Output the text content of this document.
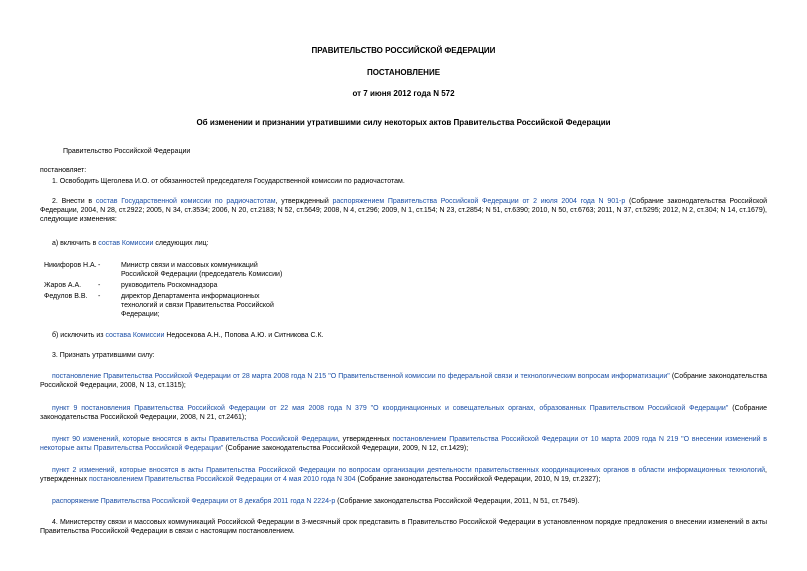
ПРАВИТЕЛЬСТВО РОССИЙСКОЙ ФЕДЕРАЦИИ
ПОСТАНОВЛЕНИЕ
от 7 июня 2012 года N 572
Об изменении и признании утратившими силу некоторых актов Правительства Российской Федерации

Правительство Российской Федерации

постановляет:

1. Освободить Щеголева И.О. от обязанностей председателя Государственной комиссии по радиочастотам.

2. Внести в состав Государственной комиссии по радиочастотам, утвержденный распоряжением Правительства Российской Федерации от 2 июля 2004 года N 901-р (Собрание законодательства Российской Федерации, 2004, N 28, ст.2922; 2005, N 34, ст.3534; 2006, N 20, ст.2183; N 52, ст.5649; 2008, N 4, ст.296; 2009, N 1, ст.154; N 23, ст.2854; N 51, ст.6390; 2010, N 50, ст.6763; 2011, N 37, ст.5295; 2012, N 2, ст.304; N 14, ст.1679), следующие изменения:

а) включить в состав Комиссии следующих лиц:

Никифоров Н.А. -	Министр связи и массовых коммуникаций Российской Федерации (председатель Комиссии)
Жаров А.А. -	руководитель Роскомнадзора
Федулов В.В. -	директор Департамента информационных технологий и связи Правительства Российской Федерации;

б) исключить из состава Комиссии Недосекова А.Н., Попова А.Ю. и Ситникова С.К.

3. Признать утратившими силу:

постановление Правительства Российской Федерации от 28 марта 2008 года N 215 "О Правительственной комиссии по федеральной связи и технологическим вопросам информатизации" (Собрание законодательства Российской Федерации, 2008, N 13, ст.1315);

пункт 9 постановления Правительства Российской Федерации от 22 мая 2008 года N 379 "О координационных и совещательных органах, образованных Правительством Российской Федерации" (Собрание законодательства Российской Федерации, 2008, N 21, ст.2461);

пункт 90 изменений, которые вносятся в акты Правительства Российской Федерации, утвержденных постановлением Правительства Российской Федерации от 10 марта 2009 года N 219 "О внесении изменений в некоторые акты Правительства Российской Федерации" (Собрание законодательства Российской Федерации, 2009, N 12, ст.1429);

пункт 2 изменений, которые вносятся в акты Правительства Российской Федерации по вопросам организации деятельности правительственных координационных органов в области информационных технологий, утвержденных постановлением Правительства Российской Федерации от 4 мая 2010 года N 304 (Собрание законодательства Российской Федерации, 2010, N 19, ст.2327);

распоряжение Правительства Российской Федерации от 8 декабря 2011 года N 2224-р (Собрание законодательства Российской Федерации, 2011, N 51, ст.7549).

4. Министерству связи и массовых коммуникаций Российской Федерации в 3-месячный срок представить в Правительство Российской Федерации в установленном порядке предложения о внесении изменений в акты Правительства Российской Федерации в связи с настоящим постановлением.
